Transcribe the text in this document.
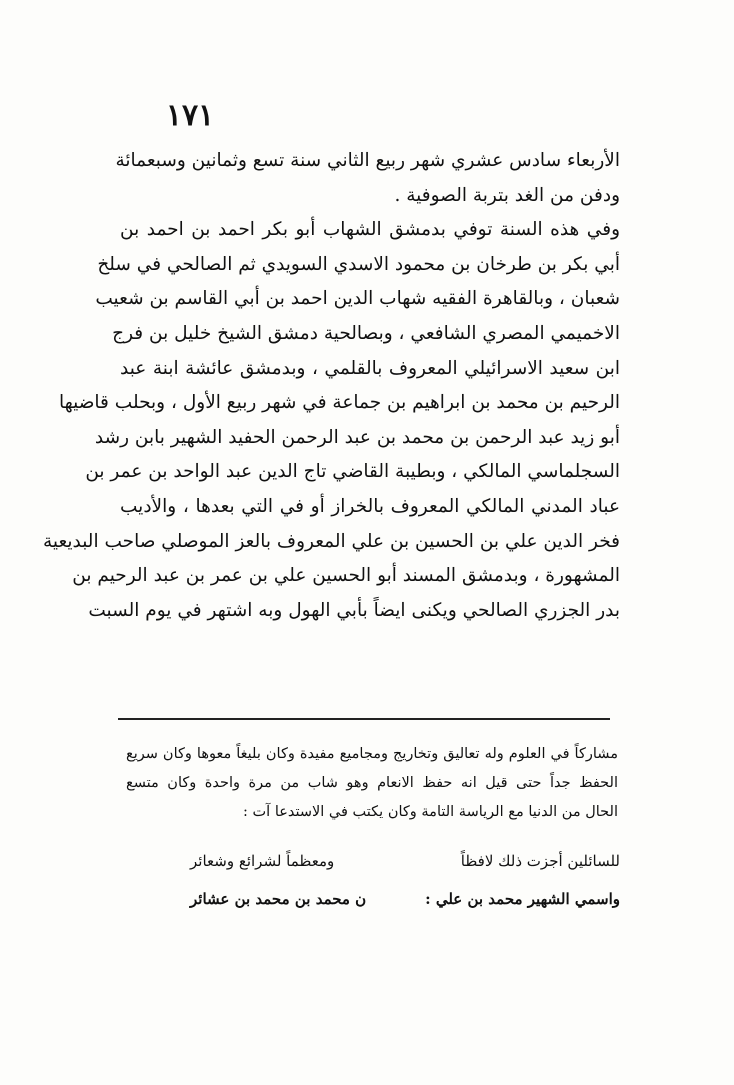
١٧١
الأربعاء سادس عشري شهر ربيع الثاني سنة تسع وثمانين وسبعمائة
ودفن من الغد بتربة الصوفية .
وفي هذه السنة توفي بدمشق الشهاب أبو بكر احمد بن احمد بن
أبي بكر بن طرخان بن محمود الاسدي السويدي ثم الصالحي في سلخ
شعبان ، وبالقاهرة الفقيه شهاب الدين احمد بن أبي القاسم بن شعيب
الاخميمي المصري الشافعي ، وبصالحية دمشق الشيخ خليل بن فرج
ابن سعيد الاسرائيلي المعروف بالقلمي ، وبدمشق عائشة ابنة عبد
الرحيم بن محمد بن ابراهيم بن جماعة في شهر ربيع الأول ، وبحلب قاضيها
أبو زيد عبد الرحمن بن محمد بن عبد الرحمن الحفيد الشهير بابن رشد
السجلماسي المالكي ، وبطيبة القاضي تاج الدين عبد الواحد بن عمر بن
عباد المدني المالكي المعروف بالخراز أو في التي بعدها ، والأديب
فخر الدين علي بن الحسين بن علي المعروف بالعز الموصلي صاحب البديعية
المشهورة ، وبدمشق المسند أبو الحسين علي بن عمر بن عبد الرحيم بن
بدر الجزري الصالحي ويكنى ايضاً بأبي الهول وبه اشتهر في يوم السبت
مشاركاً في العلوم وله تعاليق وتخاريج ومجاميع مفيدة وكان بليغاً معوها وكان سريع
الحفظ جداً حتى قيل انه حفظ الانعام وهو شاب من مرة واحدة وكان متسع
الحال من الدنيا مع الرياسة التامة وكان يكتب في الاستدعا آت :
للسائلين أجزت ذلك لافظاً
ومعظماً لشرائع وشعائر
واسمي الشهير محمد بن علي :
ن محمد بن محمد بن عشائر
